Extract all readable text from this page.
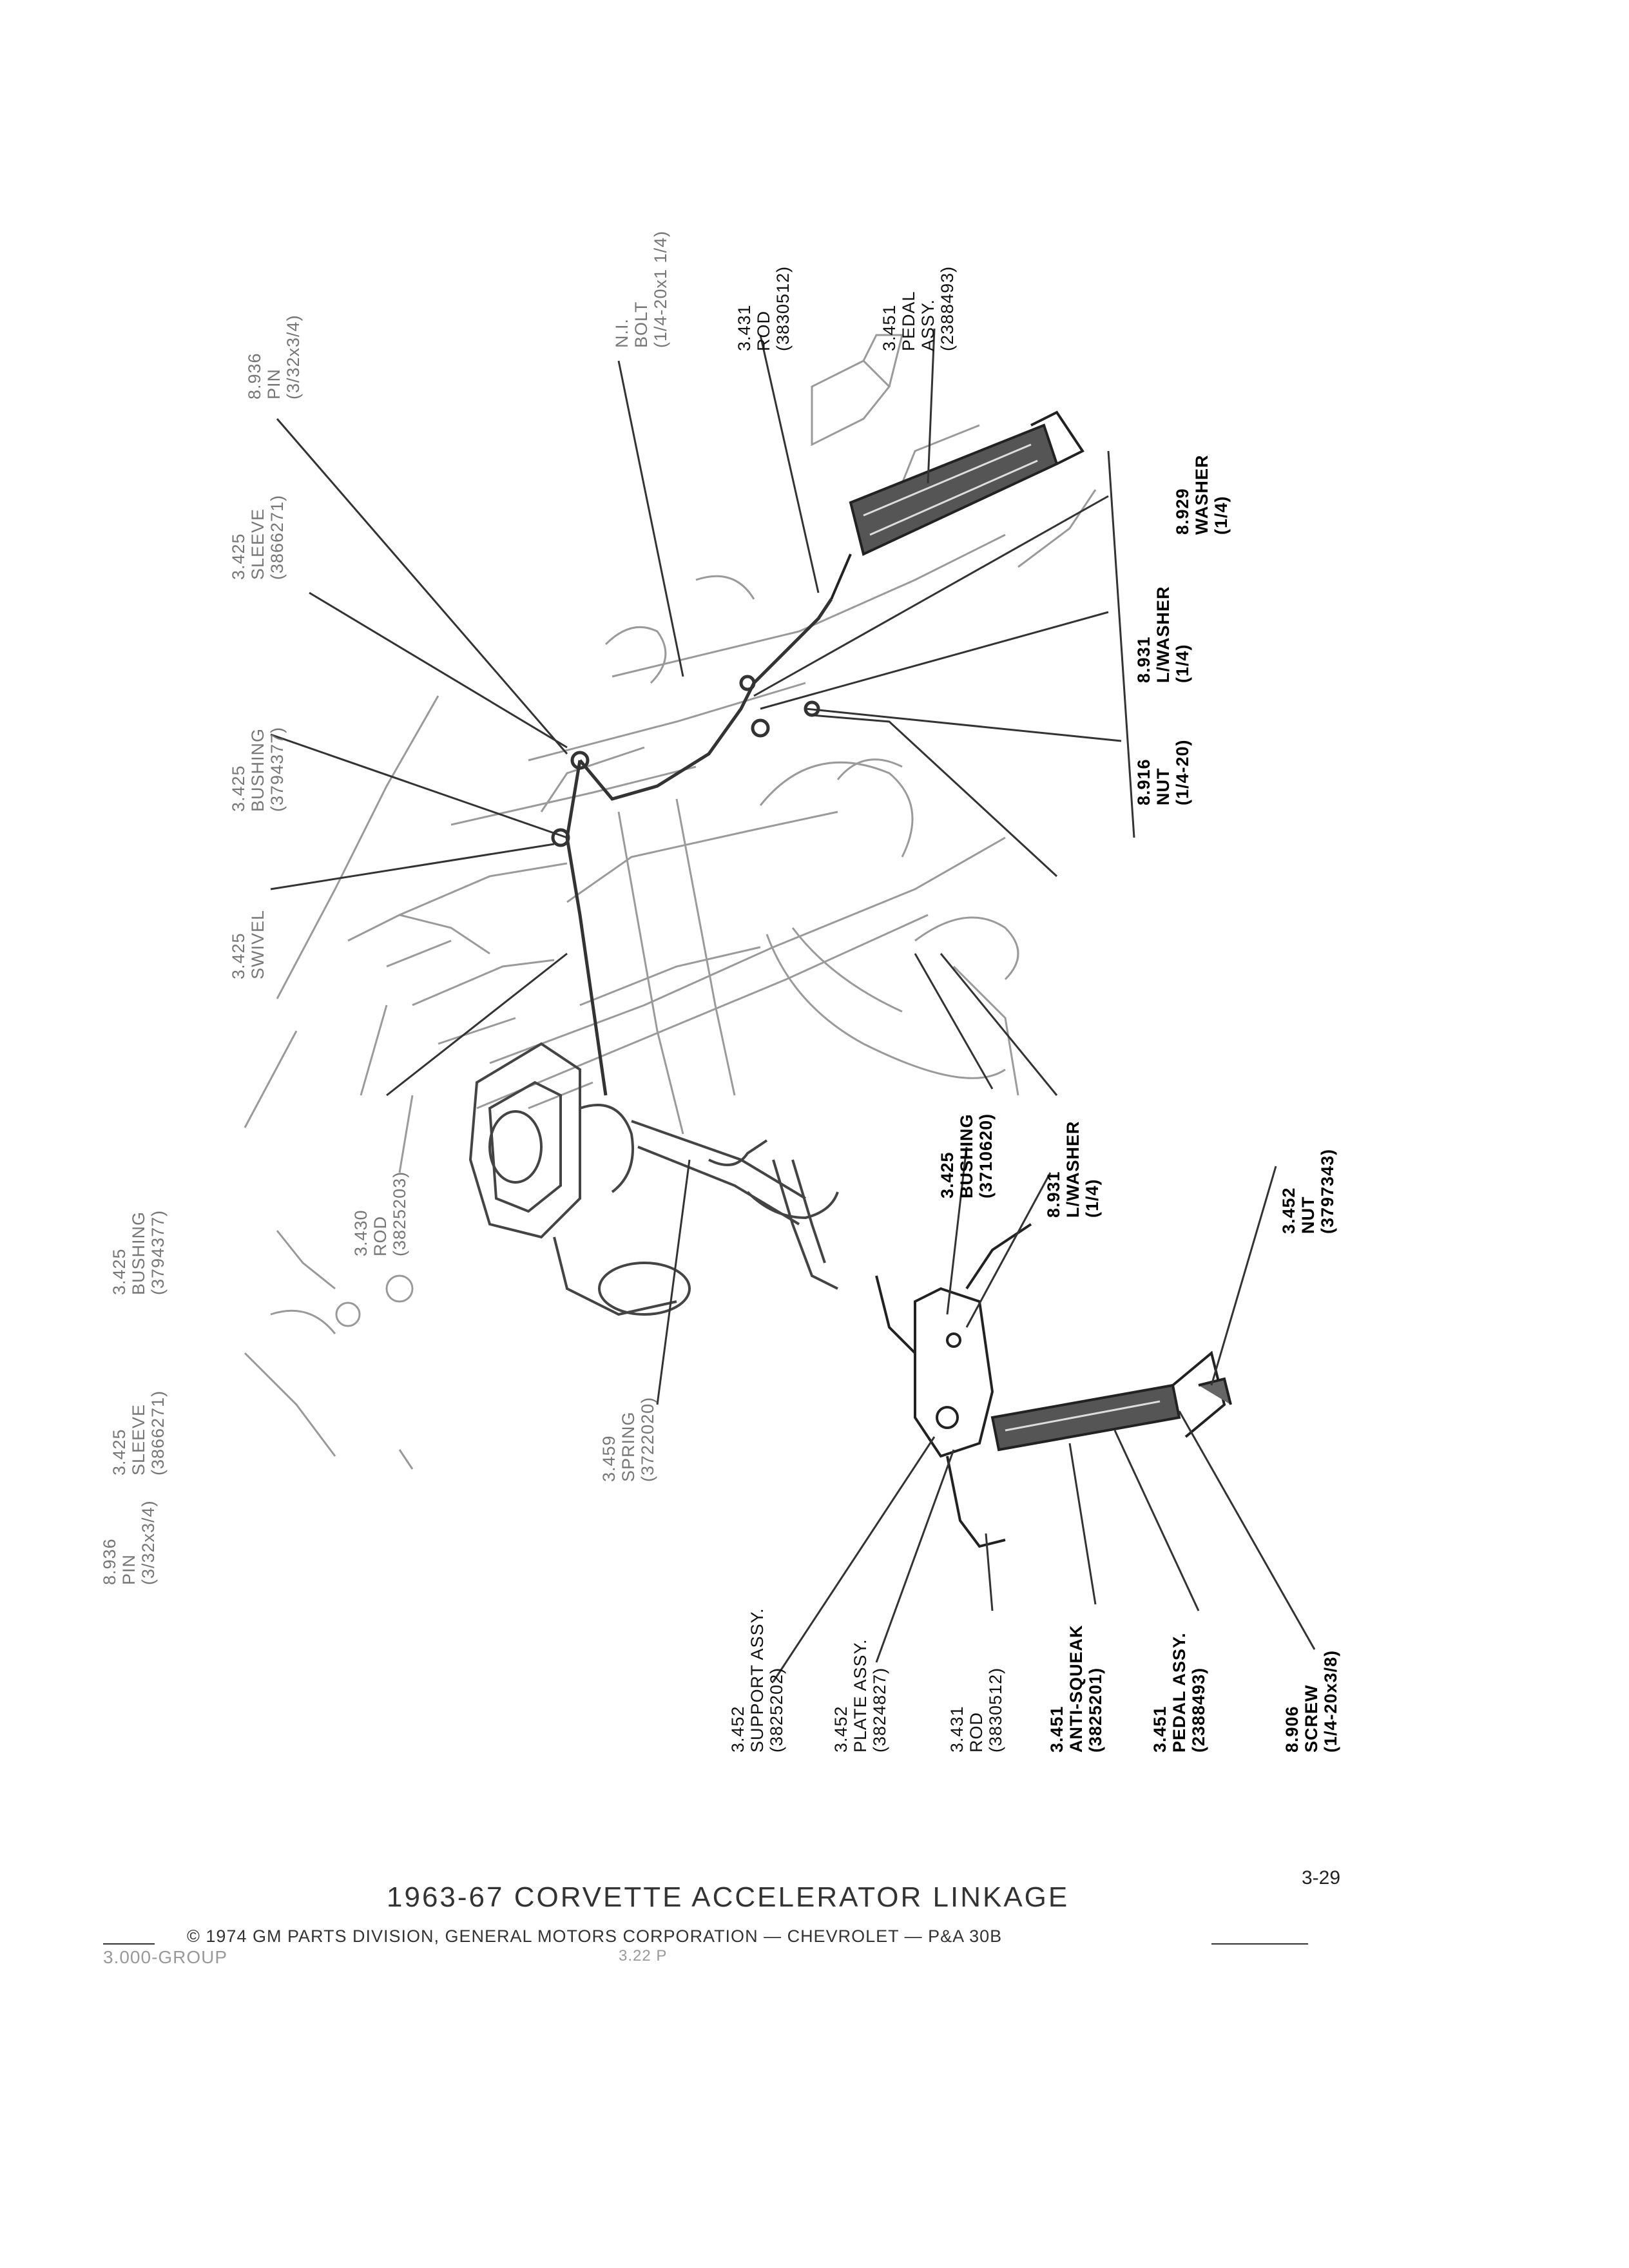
8.936 PIN (3/32x3/4)
3.425 SLEEVE (3866271)
3.425 BUSHING (3794377)
3.425 SWIVEL
3.430 ROD (3825203)
3.425 BUSHING (3794377)
3.425 SLEEVE (3866271)
8.936 PIN (3/32x3/4)
3.459 SPRING (3722020)
N.I. BOLT (1/4-20x1 1/4)	3.431 ROD (3830512)	3.451 PEDAL ASSY. (2388493)
8.929 WASHER (1/4)
8.931 L/WASHER (1/4)
8.916 NUT (1/4-20)
3.425 BUSHING (3710620)	8.931 L/WASHER (1/4)	3.452 NUT (3797343)
3.452 SUPPORT ASSY. (3825202)	3.452 PLATE ASSY. (3824827)	3.431 ROD (3830512) 3.451 ANTI-SQUEAK (3825201)	3.451 PEDAL ASSY. (2388493)	8.906 SCREW (1/4-20x3/8)
3-29
1963-67 CORVETTE ACCELERATOR LINKAGE
© 1974 GM PARTS DIVISION, GENERAL MOTORS CORPORATION — CHEVROLET — P&A 30B
3.000-GROUP	3.22 P
